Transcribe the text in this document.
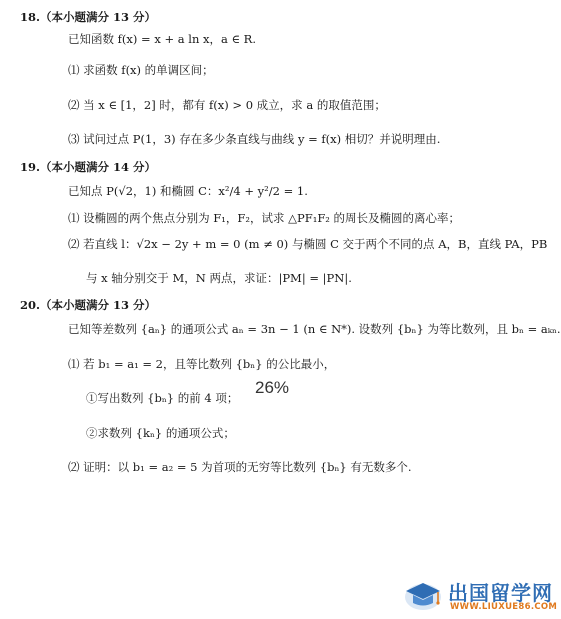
18.（本小题满分 13 分）
已知函数 f(x) = x + a ln x，a ∈ R.
⑴ 求函数 f(x) 的单调区间；
⑵ 当 x ∈ [1，2] 时，都有 f(x) > 0 成立，求 a 的取值范围；
⑶ 试问过点 P(1，3) 存在多少条直线与曲线 y = f(x) 相切？并说明理由.
19.（本小题满分 14 分）
已知点 P(√2，1) 和椭圆 C：x²/4 + y²/2 = 1.
⑴ 设椭圆的两个焦点分别为 F₁，F₂，试求 △PF₁F₂ 的周长及椭圆的离心率；
⑵ 若直线 l：√2x − 2y + m = 0 (m ≠ 0) 与椭圆 C 交于两个不同的点 A，B，直线 PA，PB
与 x 轴分别交于 M，N 两点，求证：|PM| = |PN|.
20.（本小题满分 13 分）
已知等差数列 {aₙ} 的通项公式 aₙ = 3n − 1 (n ∈ N*). 设数列 {bₙ} 为等比数列，且 bₙ = aₖₙ.
⑴ 若 b₁ = a₁ = 2，且等比数列 {bₙ} 的公比最小，
①写出数列 {bₙ} 的前 4 项；
②求数列 {kₙ} 的通项公式；
⑵ 证明：以 b₁ = a₂ = 5 为首项的无穷等比数列 {bₙ} 有无数多个.
26%
出国留学网
WWW.LIUXUE86.COM
